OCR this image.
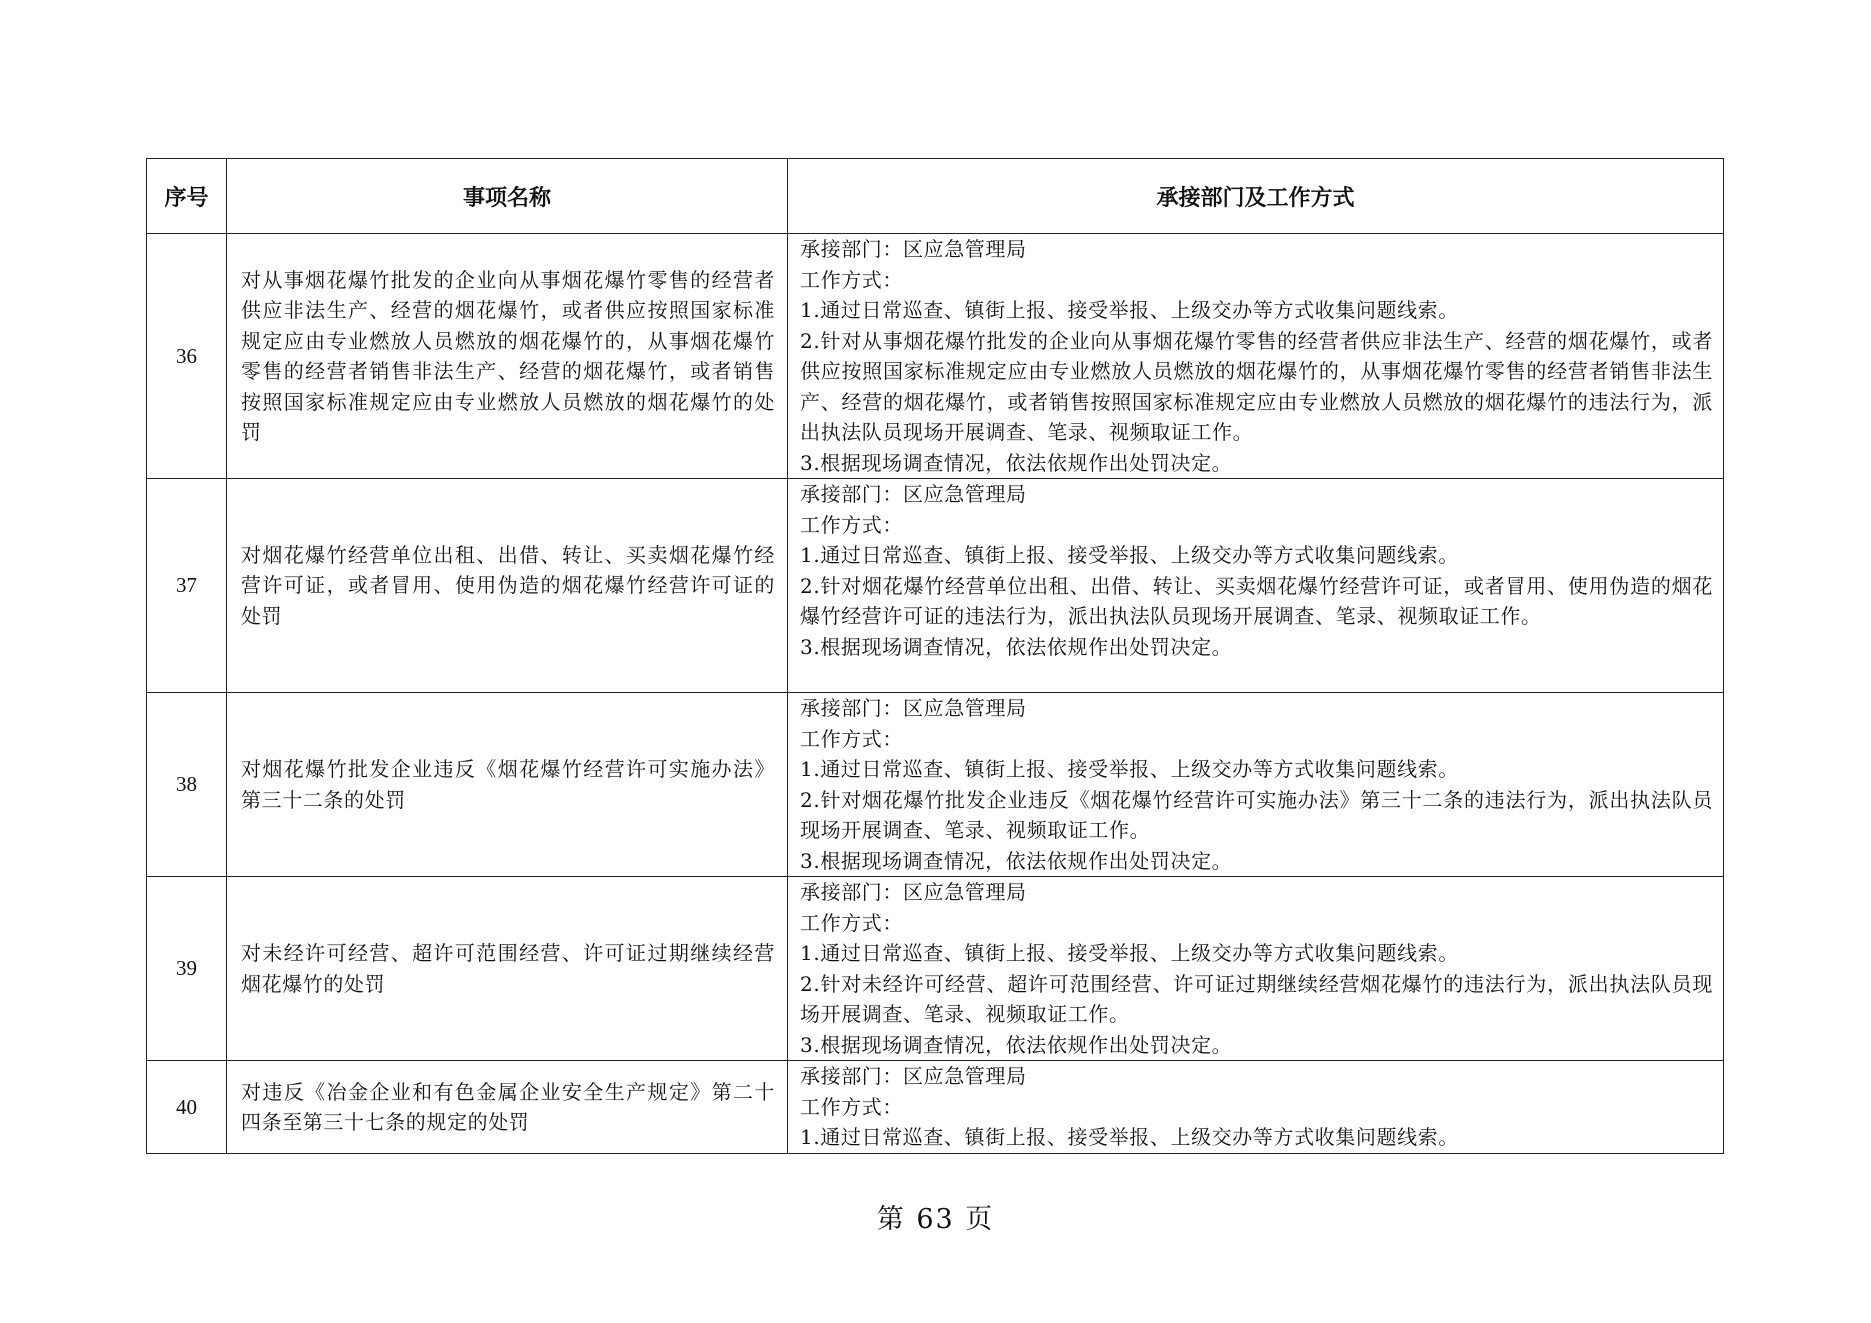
序号	事项名称	承接部门及工作方式
36	对从事烟花爆竹批发的企业向从事烟花爆竹零售的经营者供应非法生产、经营的烟花爆竹，或者供应按照国家标准规定应由专业燃放人员燃放的烟花爆竹的，从事烟花爆竹零售的经营者销售非法生产、经营的烟花爆竹，或者销售按照国家标准规定应由专业燃放人员燃放的烟花爆竹的处罚	承接部门：区应急管理局
工作方式：
1.通过日常巡查、镇街上报、接受举报、上级交办等方式收集问题线索。
2.针对从事烟花爆竹批发的企业向从事烟花爆竹零售的经营者供应非法生产、经营的烟花爆竹，或者供应按照国家标准规定应由专业燃放人员燃放的烟花爆竹的，从事烟花爆竹零售的经营者销售非法生产、经营的烟花爆竹，或者销售按照国家标准规定应由专业燃放人员燃放的烟花爆竹的违法行为，派出执法队员现场开展调查、笔录、视频取证工作。
3.根据现场调查情况，依法依规作出处罚决定。

37	对烟花爆竹经营单位出租、出借、转让、买卖烟花爆竹经营许可证，或者冒用、使用伪造的烟花爆竹经营许可证的处罚	承接部门：区应急管理局
工作方式：
1.通过日常巡查、镇街上报、接受举报、上级交办等方式收集问题线索。
2.针对烟花爆竹经营单位出租、出借、转让、买卖烟花爆竹经营许可证，或者冒用、使用伪造的烟花爆竹经营许可证的违法行为，派出执法队员现场开展调查、笔录、视频取证工作。
3.根据现场调查情况，依法依规作出处罚决定。

38	对烟花爆竹批发企业违反《烟花爆竹经营许可实施办法》第三十二条的处罚	承接部门：区应急管理局
工作方式：
1.通过日常巡查、镇街上报、接受举报、上级交办等方式收集问题线索。
2.针对烟花爆竹批发企业违反《烟花爆竹经营许可实施办法》第三十二条的违法行为，派出执法队员现场开展调查、笔录、视频取证工作。
3.根据现场调查情况，依法依规作出处罚决定。

39	对未经许可经营、超许可范围经营、许可证过期继续经营烟花爆竹的处罚	承接部门：区应急管理局
工作方式：
1.通过日常巡查、镇街上报、接受举报、上级交办等方式收集问题线索。
2.针对未经许可经营、超许可范围经营、许可证过期继续经营烟花爆竹的违法行为，派出执法队员现场开展调查、笔录、视频取证工作。
3.根据现场调查情况，依法依规作出处罚决定。

40	对违反《冶金企业和有色金属企业安全生产规定》第二十四条至第三十七条的规定的处罚	承接部门：区应急管理局
工作方式：
1.通过日常巡查、镇街上报、接受举报、上级交办等方式收集问题线索。
第 63 页
